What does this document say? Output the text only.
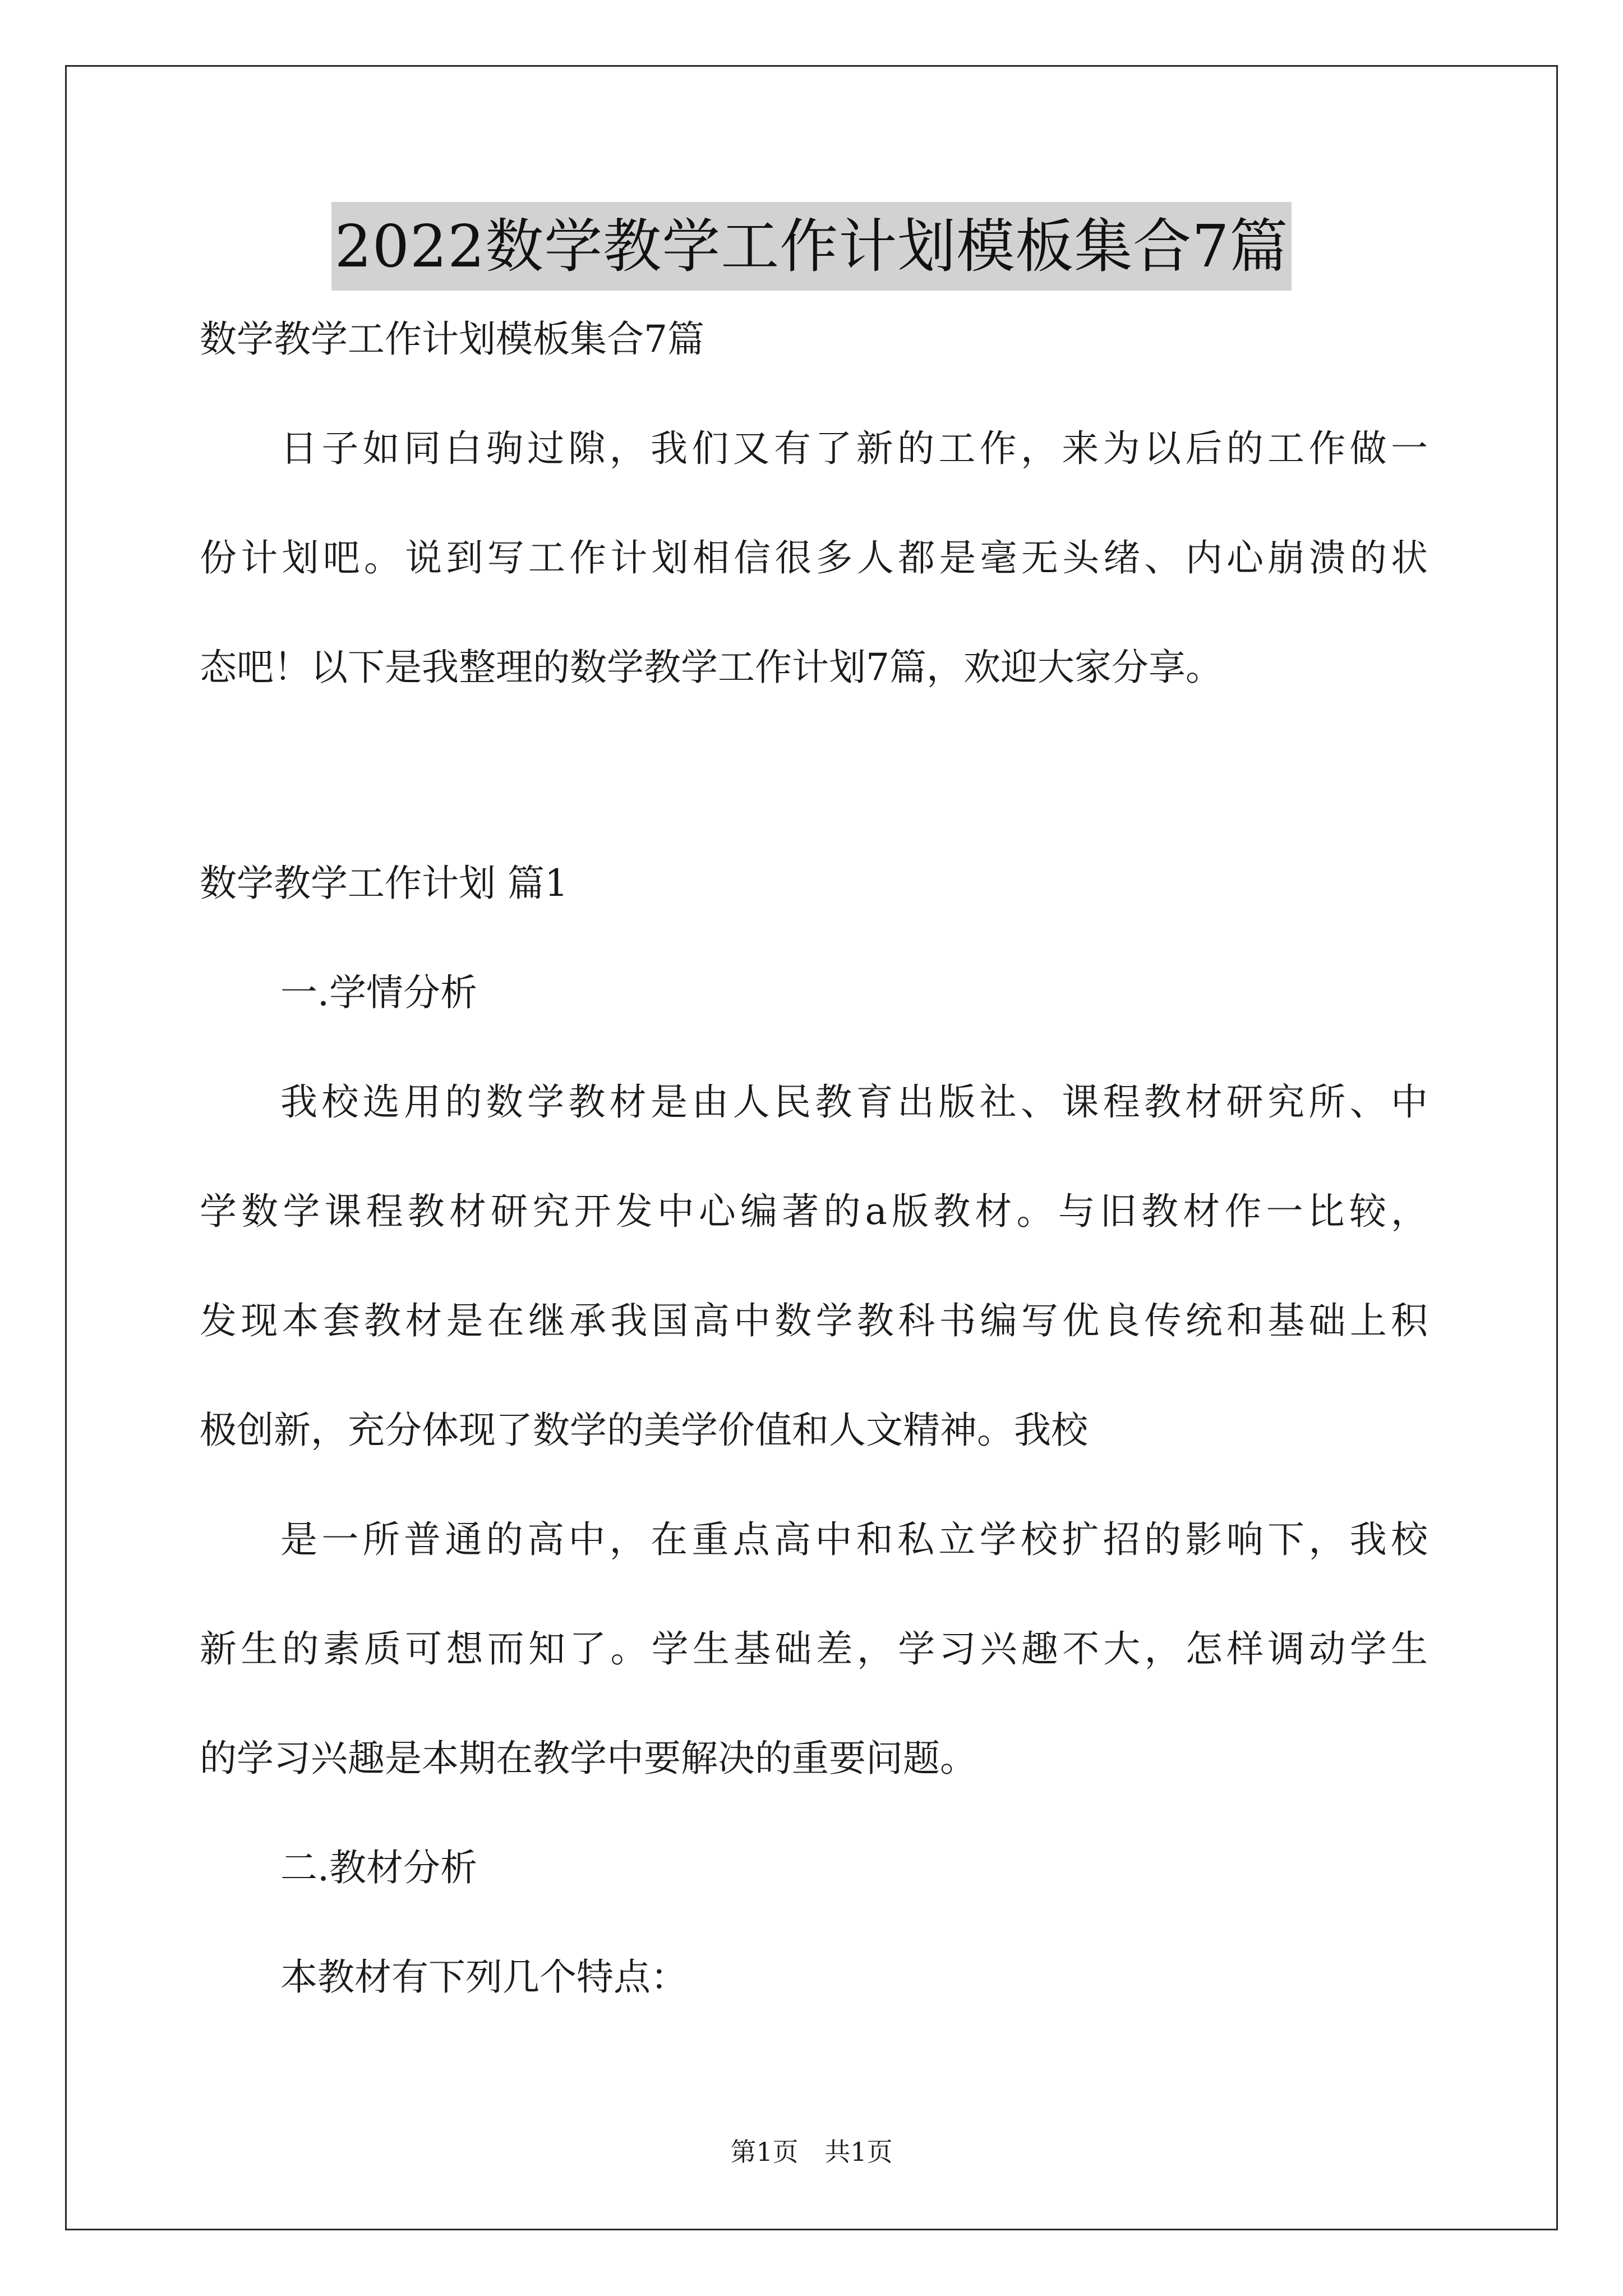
2022数学教学工作计划模板集合7篇
数学教学工作计划模板集合7篇
日子如同白驹过隙，我们又有了新的工作，来为以后的工作做一
份计划吧。说到写工作计划相信很多人都是毫无头绪、内心崩溃的状
态吧！以下是我整理的数学教学工作计划7篇，欢迎大家分享。
数学教学工作计划 篇1
一.学情分析
我校选用的数学教材是由人民教育出版社、课程教材研究所、中
学数学课程教材研究开发中心编著的a版教材。与旧教材作一比较，
发现本套教材是在继承我国高中数学教科书编写优良传统和基础上积
极创新，充分体现了数学的美学价值和人文精神。我校
是一所普通的高中，在重点高中和私立学校扩招的影响下，我校
新生的素质可想而知了。学生基础差，学习兴趣不大，怎样调动学生
的学习兴趣是本期在教学中要解决的重要问题。
二.教材分析
本教材有下列几个特点：
第1页 共1页
